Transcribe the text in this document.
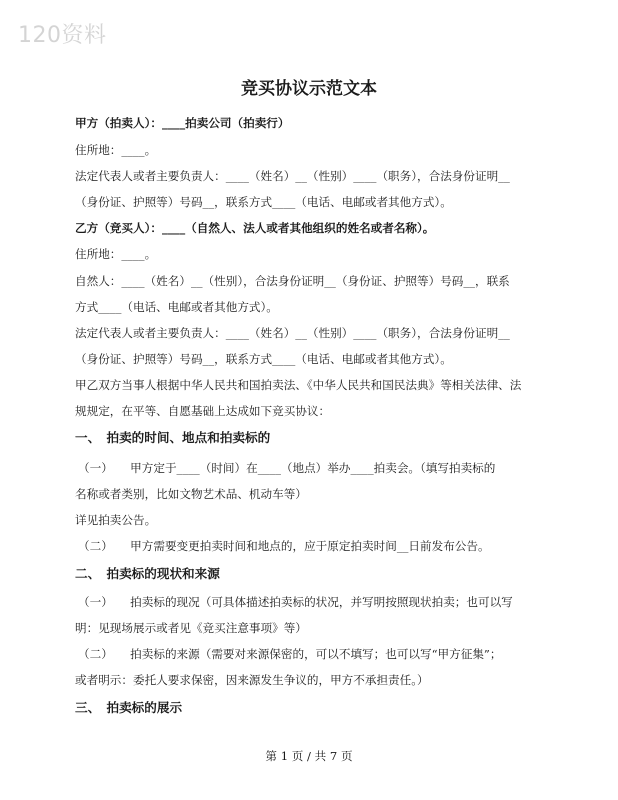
120资料
竞买协议示范文本
甲方（拍卖人）：____拍卖公司（拍卖行）
住所地：____。
法定代表人或者主要负责人：____（姓名）__（性别）____（职务），合法身份证明__
（身份证、护照等）号码__，联系方式____（电话、电邮或者其他方式）。
乙方（竞买人）：____（自然人、法人或者其他组织的姓名或者名称）。
住所地：____。
自然人：____（姓名）__（性别），合法身份证明__（身份证、护照等）号码__，联系
方式____（电话、电邮或者其他方式）。
法定代表人或者主要负责人：____（姓名）__（性别）____（职务），合法身份证明__
（身份证、护照等）号码__，联系方式____（电话、电邮或者其他方式）。
甲乙双方当事人根据中华人民共和国拍卖法、《中华人民共和国民法典》等相关法律、法
规规定，在平等、自愿基础上达成如下竞买协议：
一、　拍卖的时间、地点和拍卖标的
（一）　　甲方定于____（时间）在____（地点）举办____拍卖会。（填写拍卖标的
名称或者类别，比如文物艺术品、机动车等）
详见拍卖公告。
（二）　　甲方需要变更拍卖时间和地点的，应于原定拍卖时间__日前发布公告。
二、　拍卖标的现状和来源
（一）　　拍卖标的现况（可具体描述拍卖标的状况，并写明按照现状拍卖；也可以写
明：见现场展示或者见《竞买注意事项》等）
（二）　　拍卖标的来源（需要对来源保密的，可以不填写；也可以写“甲方征集”；
或者明示：委托人要求保密，因来源发生争议的，甲方不承担责任。）
三、　拍卖标的展示
第 1 页 / 共 7 页
